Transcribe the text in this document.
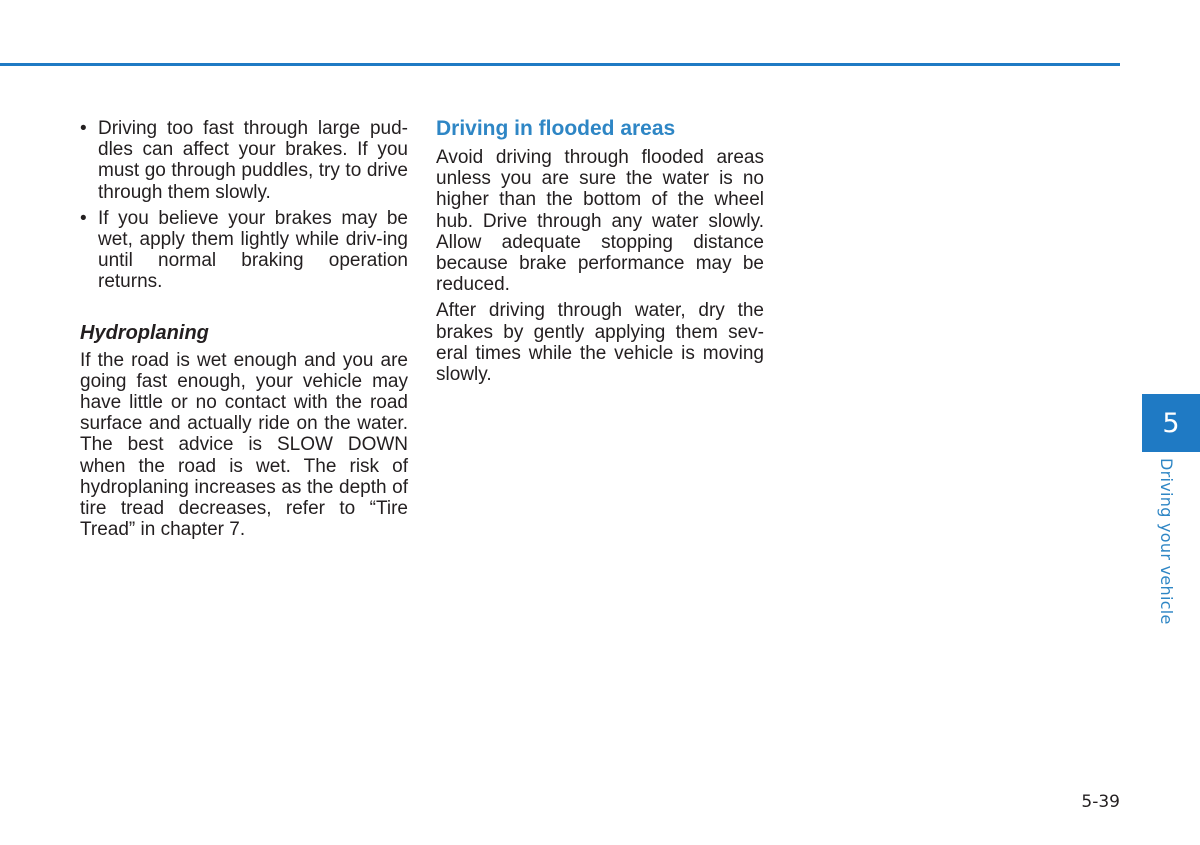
• Driving too fast through large pud-dles can affect your brakes. If you must go through puddles, try to drive through them slowly.
• If you believe your brakes may be wet, apply them lightly while driv-ing until normal braking operation returns.
Hydroplaning

If the road is wet enough and you are going fast enough, your vehicle may have little or no contact with the road surface and actually ride on the water. The best advice is SLOW DOWN when the road is wet. The risk of hydroplaning increases as the depth of tire tread decreases, refer to “Tire Tread” in chapter 7.

Driving in flooded areas

Avoid driving through flooded areas unless you are sure the water is no higher than the bottom of the wheel hub. Drive through any water slowly. Allow adequate stopping distance because brake performance may be reduced.

After driving through water, dry the brakes by gently applying them sev-eral times while the vehicle is moving slowly.

5
Driving your vehicle
5-39
